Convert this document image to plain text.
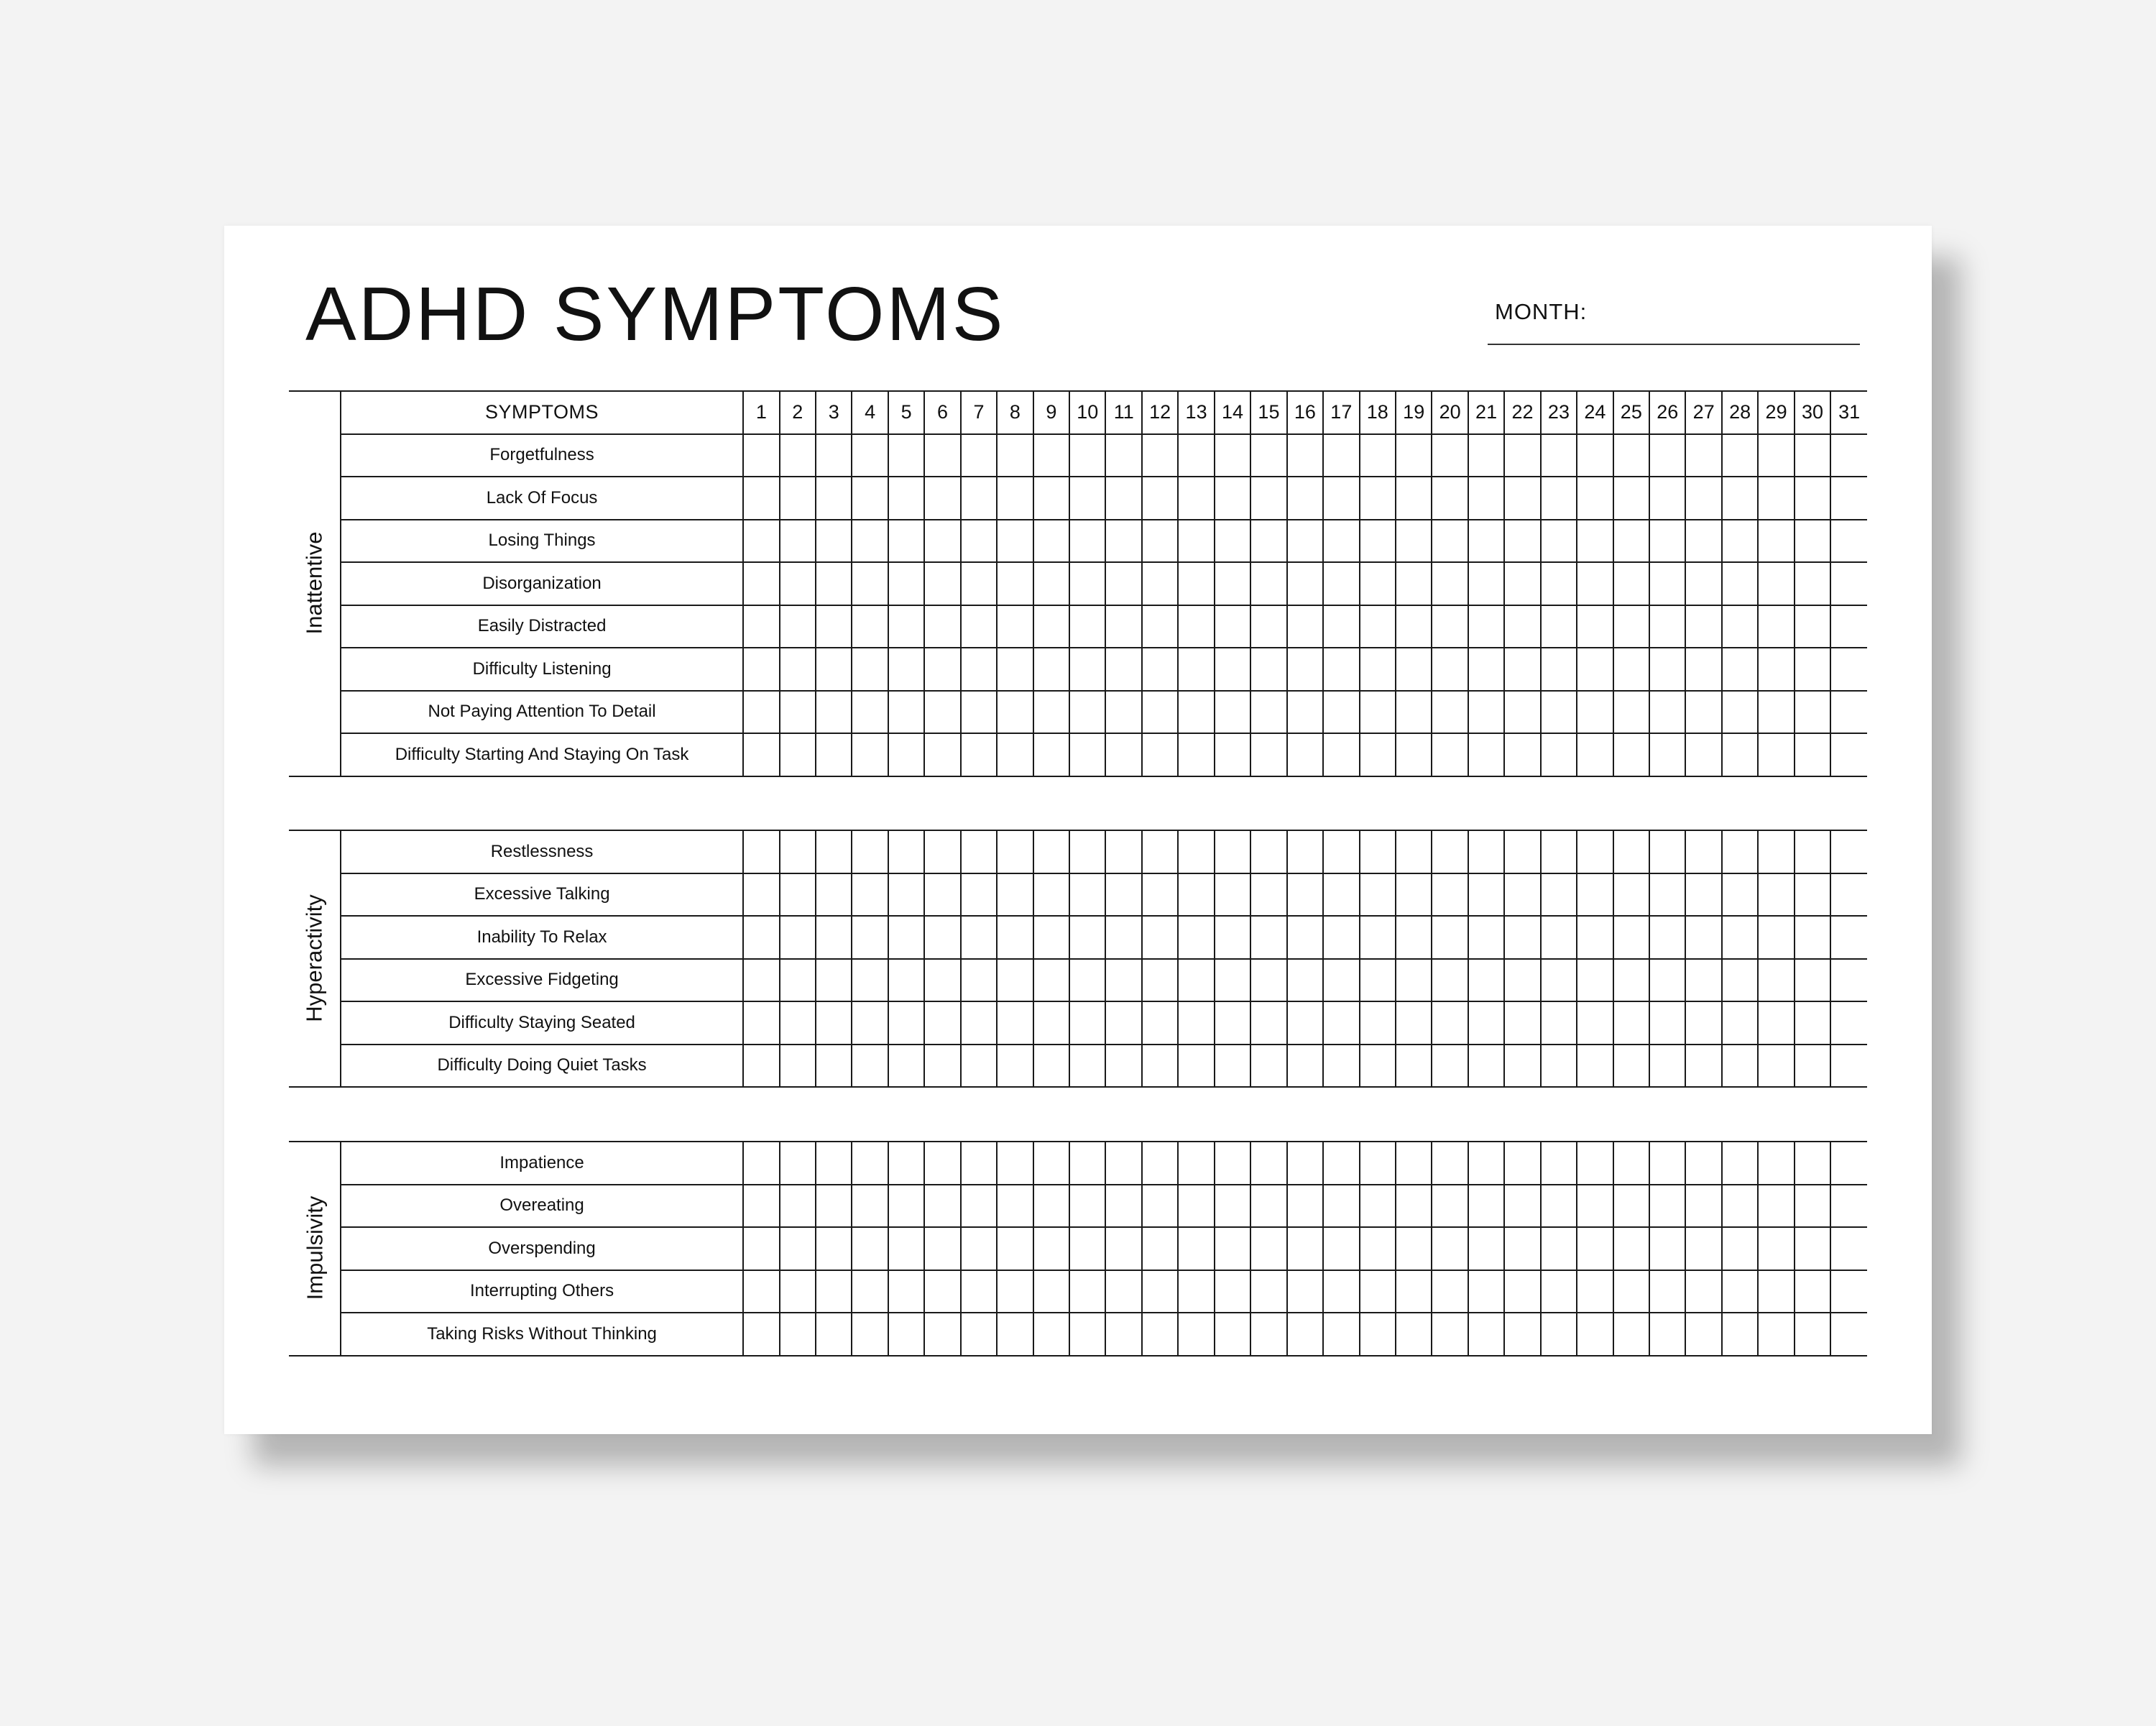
ADHD SYMPTOMS	MONTH:
	SYMPTOMS	1	2	3	4	5	6	7	8	9	10	11	12	13	14	15	16	17	18	19	20	21	22	23	24	25	26	27	28	29	30	31
	Forgetfulness																															
	Lack Of Focus																															
	Losing Things																															
	Disorganization																															
	Easily Distracted																															
	Difficulty Listening																															
	Not Paying Attention To Detail																															
	Difficulty Starting And Staying On Task																															
Inattentive
	Restlessness																															
	Excessive Talking																															
	Inability To Relax																															
	Excessive Fidgeting																															
	Difficulty Staying Seated																															
	Difficulty Doing Quiet Tasks																															
Hyperactivity
	Impatience																															
	Overeating																															
	Overspending																															
	Interrupting Others																															
	Taking Risks Without Thinking																															
Impulsivity
